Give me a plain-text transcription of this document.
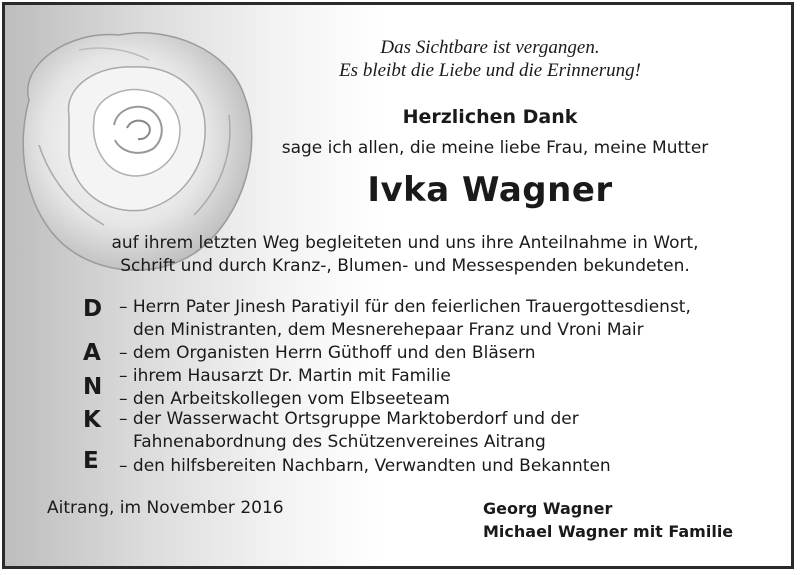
Das Sichtbare ist vergangen.
Es bleibt die Liebe und die Erinnerung!
Herzlichen Dank
sage ich allen, die meine liebe Frau, meine Mutter
Ivka Wagner
auf ihrem letzten Weg begleiteten und uns ihre Anteilnahme in Wort,
Schrift und durch Kranz-, Blumen- und Messespenden bekundeten.
D
A
N
K
E
– Herrn Pater Jinesh Paratiyil für den feierlichen Trauergottesdienst,
den Ministranten, dem Mesnerehepaar Franz und Vroni Mair
– dem Organisten Herrn Güthoff und den Bläsern
– ihrem Hausarzt Dr. Martin mit Familie
– den Arbeitskollegen vom Elbseeteam
– der Wasserwacht Ortsgruppe Marktoberdorf und der
Fahnenabordnung des Schützenvereines Aitrang
– den hilfsbereiten Nachbarn, Verwandten und Bekannten
Aitrang, im November 2016	Georg Wagner
Michael Wagner mit Familie
